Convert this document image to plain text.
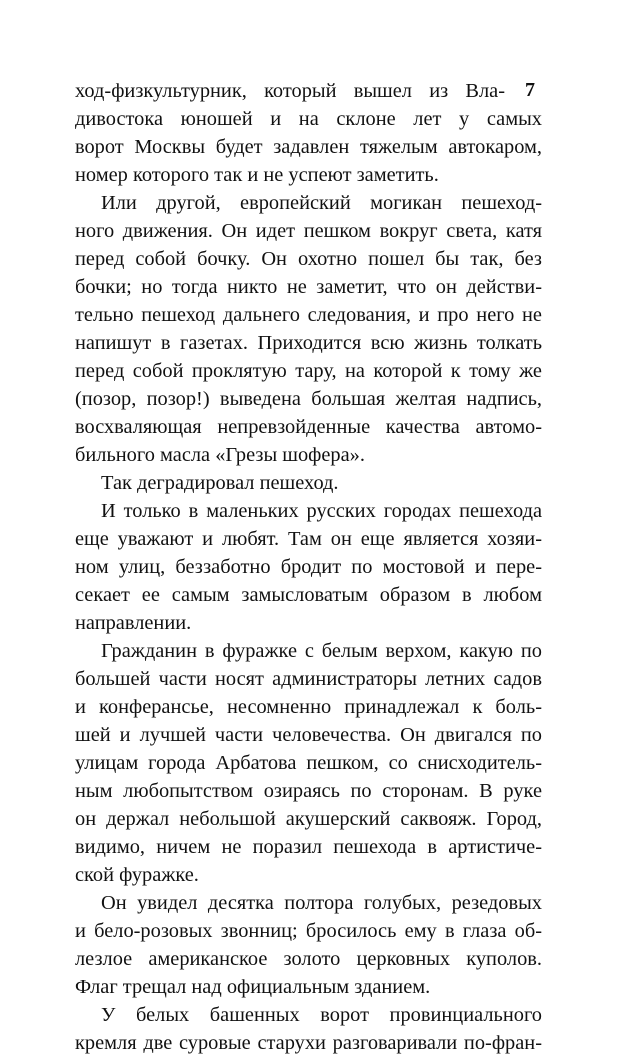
7
ход-физкультурник, который вышел из Вла-
дивостока юношей и на склоне лет у самых
ворот Москвы будет задавлен тяжелым автокаром,
номер которого так и не успеют заметить.
Или другой, европейский могикан пешеход-
ного движения. Он идет пешком вокруг света, катя
перед собой бочку. Он охотно пошел бы так, без
бочки; но тогда никто не заметит, что он действи-
тельно пешеход дальнего следования, и про него не
напишут в газетах. Приходится всю жизнь толкать
перед собой проклятую тару, на которой к тому же
(позор, позор!) выведена большая желтая надпись,
восхваляющая непревзойденные качества автомо-
бильного масла «Грезы шофера».
Так деградировал пешеход.
И только в маленьких русских городах пешехода
еще уважают и любят. Там он еще является хозяи-
ном улиц, беззаботно бродит по мостовой и пере-
секает ее самым замысловатым образом в любом
направлении.
Гражданин в фуражке с белым верхом, какую по
большей части носят администраторы летних садов
и конферансье, несомненно принадлежал к боль-
шей и лучшей части человечества. Он двигался по
улицам города Арбатова пешком, со снисходитель-
ным любопытством озираясь по сторонам. В руке
он держал небольшой акушерский саквояж. Город,
видимо, ничем не поразил пешехода в артистиче-
ской фуражке.
Он увидел десятка полтора голубых, резедовых
и бело-розовых звонниц; бросилось ему в глаза об-
лезлое американское золото церковных куполов.
Флаг трещал над официальным зданием.
У белых башенных ворот провинциального
кремля две суровые старухи разговаривали по-фран-
